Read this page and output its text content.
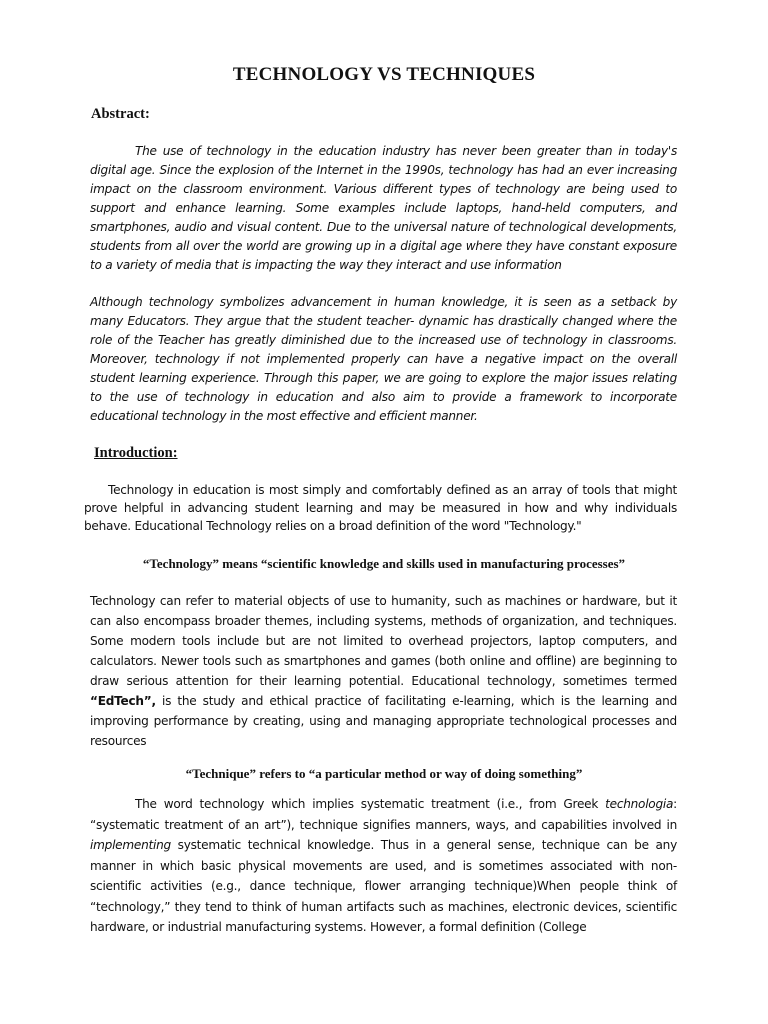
TECHNOLOGY VS TECHNIQUES
Abstract:

The use of technology in the education industry has never been greater than in today's digital age. Since the explosion of the Internet in the 1990s, technology has had an ever increasing impact on the classroom environment. Various different types of technology are being used to support and enhance learning. Some examples include laptops, hand-held computers, and smartphones, audio and visual content. Due to the universal nature of technological developments, students from all over the world are growing up in a digital age where they have constant exposure to a variety of media that is impacting the way they interact and use information

Although technology symbolizes advancement in human knowledge, it is seen as a setback by many Educators. They argue that the student teacher- dynamic has drastically changed where the role of the Teacher has greatly diminished due to the increased use of technology in classrooms. Moreover, technology if not implemented properly can have a negative impact on the overall student learning experience. Through this paper, we are going to explore the major issues relating to the use of technology in education and also aim to provide a framework to incorporate educational technology in the most effective and efficient manner.

Introduction:

Technology in education is most simply and comfortably defined as an array of tools that might prove helpful in advancing student learning and may be measured in how and why individuals behave. Educational Technology relies on a broad definition of the word "Technology."

“Technology” means “scientific knowledge and skills used in manufacturing processes”

Technology can refer to material objects of use to humanity, such as machines or hardware, but it can also encompass broader themes, including systems, methods of organization, and techniques. Some modern tools include but are not limited to overhead projectors, laptop computers, and calculators. Newer tools such as smartphones and games (both online and offline) are beginning to draw serious attention for their learning potential. Educational technology, sometimes termed “EdTech”, is the study and ethical practice of facilitating e-learning, which is the learning and improving performance by creating, using and managing appropriate technological processes and resources

“Technique” refers to “a particular method or way of doing something”

The word technology which implies systematic treatment (i.e., from Greek technologia: “systematic treatment of an art”), technique signifies manners, ways, and capabilities involved in implementing systematic technical knowledge. Thus in a general sense, technique can be any manner in which basic physical movements are used, and is sometimes associated with non-scientific activities (e.g., dance technique, flower arranging technique)When people think of “technology,” they tend to think of human artifacts such as machines, electronic devices, scientific hardware, or industrial manufacturing systems. However, a formal definition (College
